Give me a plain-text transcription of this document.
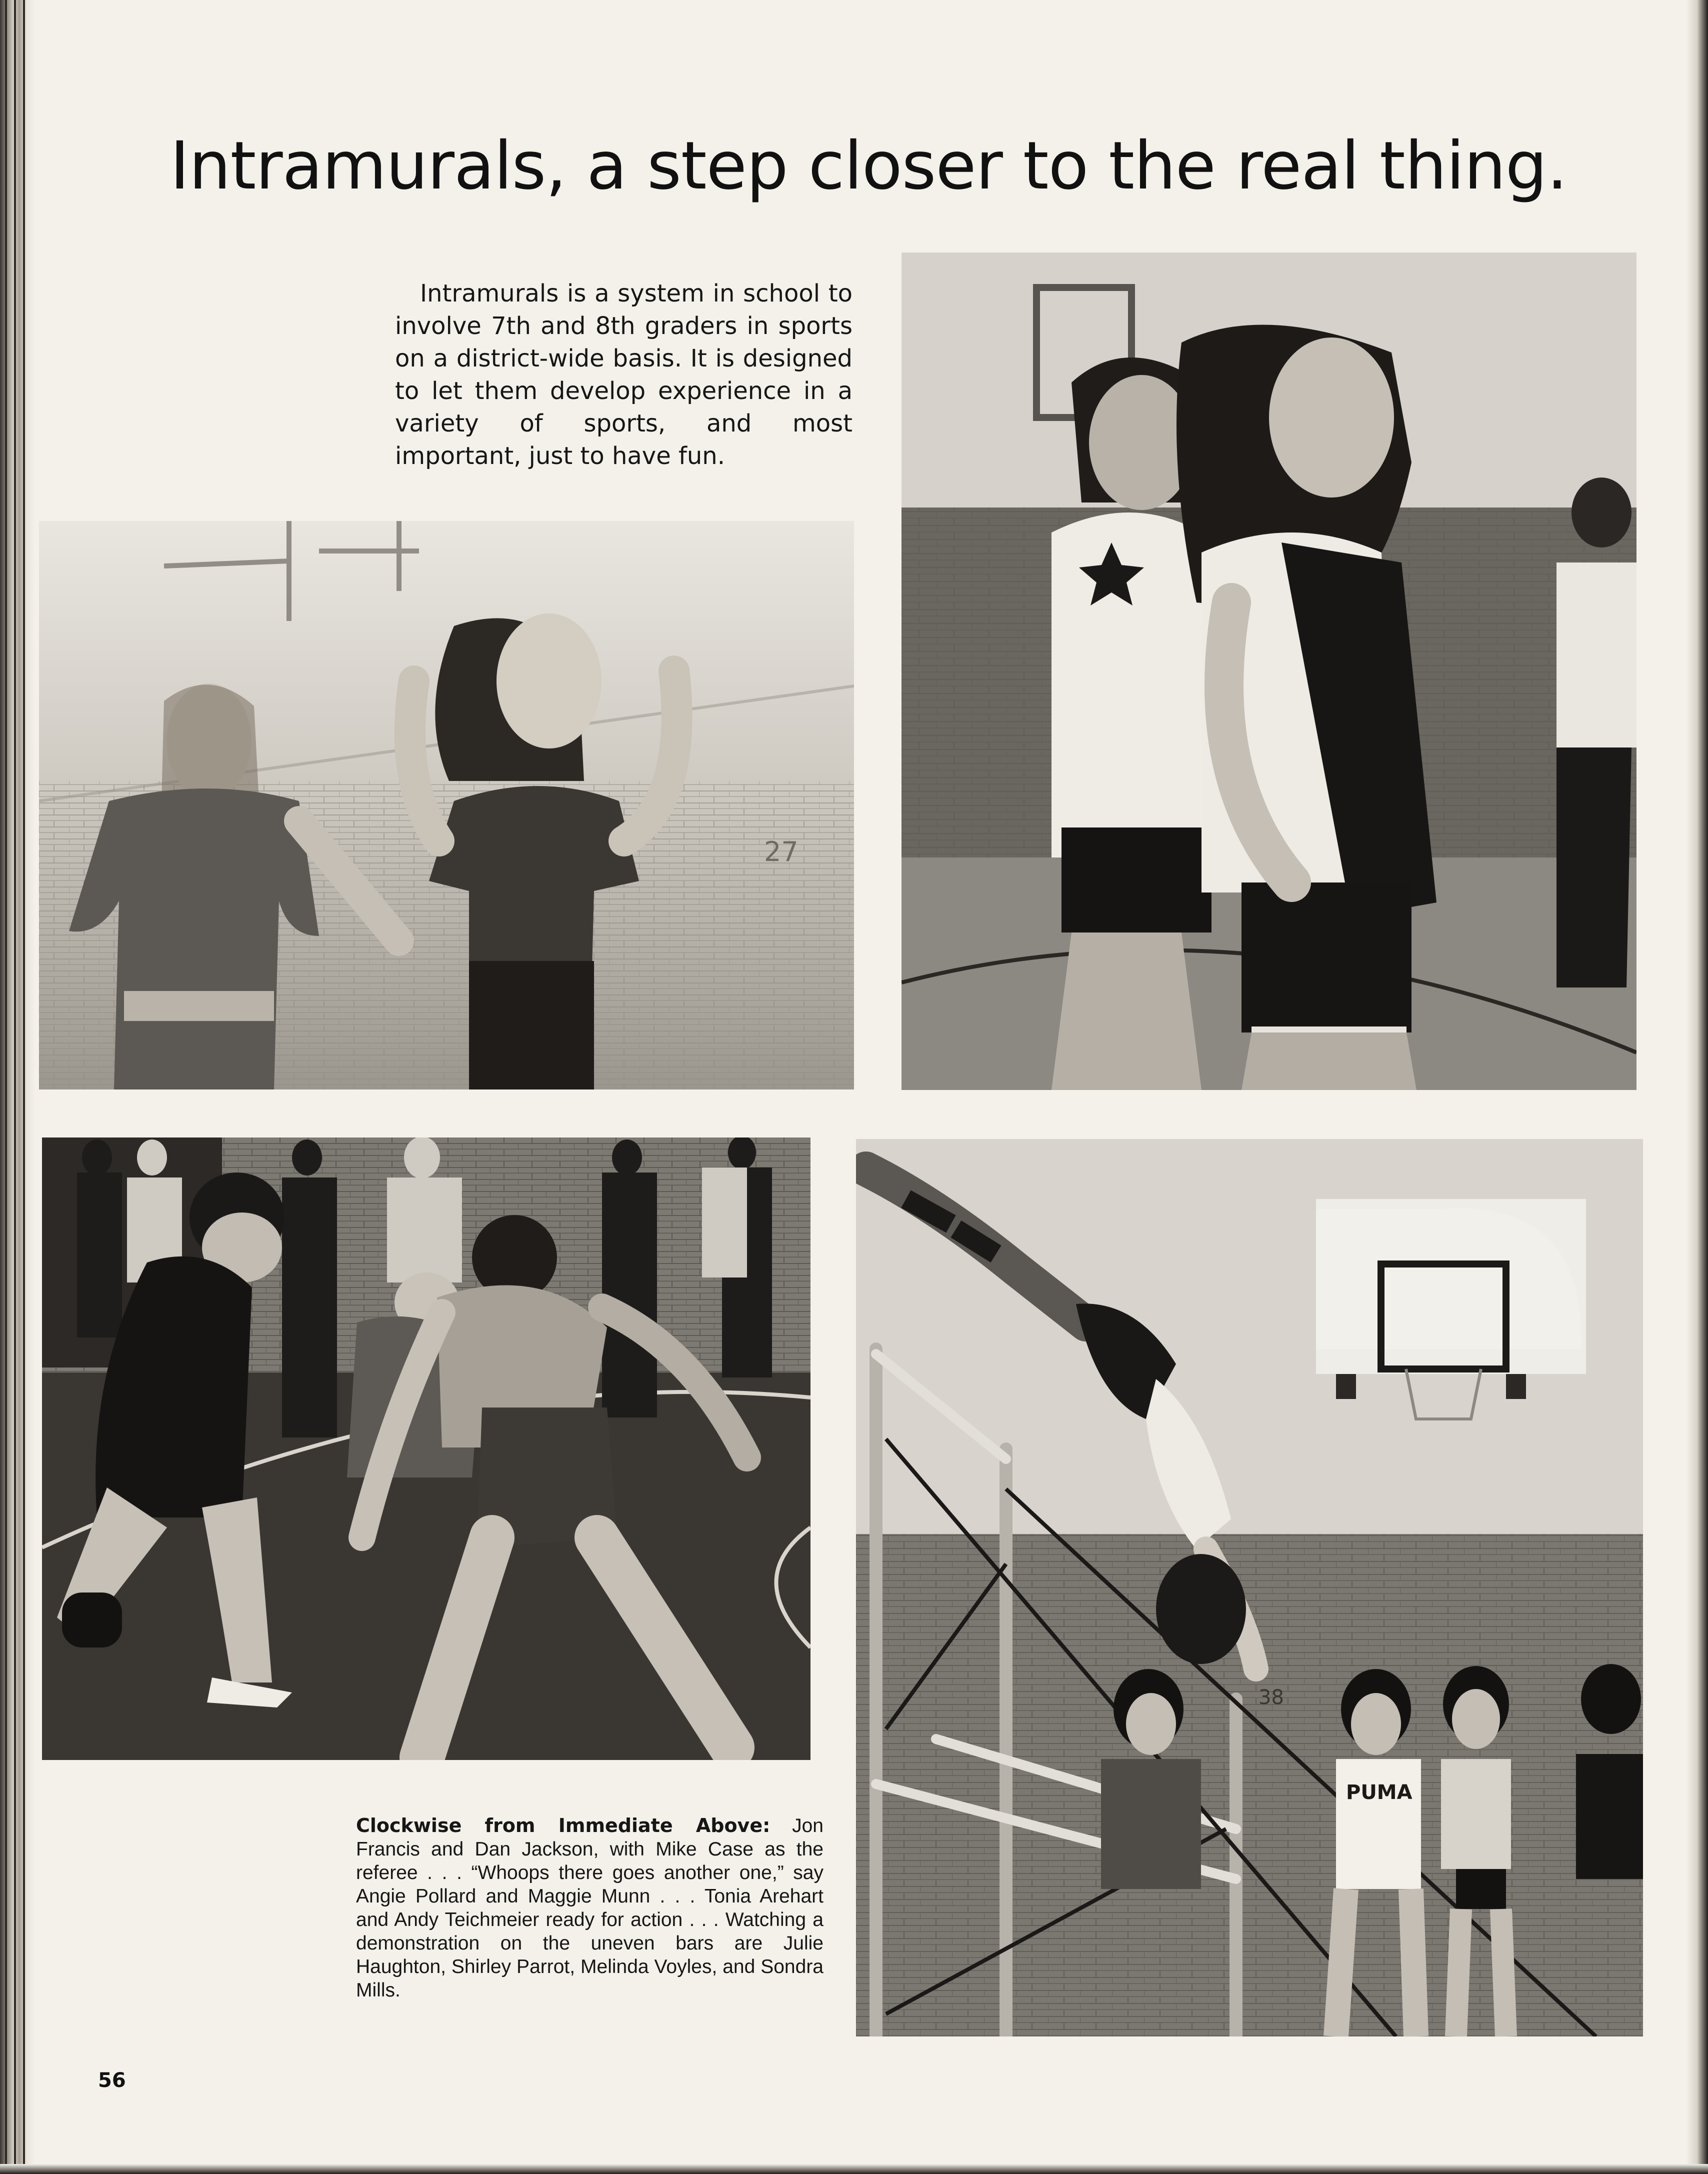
Intramurals, a step closer to the real thing.

Intramurals is a system in school to involve 7th and 8th graders in sports on a district-wide basis. It is designed to let them develop experience in a variety of sports, and most important, just to have fun.

27
PUMA
38

Clockwise from Immediate Above: Jon Francis and Dan Jackson, with Mike Case as the referee . . . “Whoops there goes another one,” say Angie Pollard and Maggie Munn . . . Tonia Arehart and Andy Teichmeier ready for action . . . Watching a demonstration on the uneven bars are Julie Haughton, Shirley Parrot, Melinda Voyles, and Sondra Mills.

56
